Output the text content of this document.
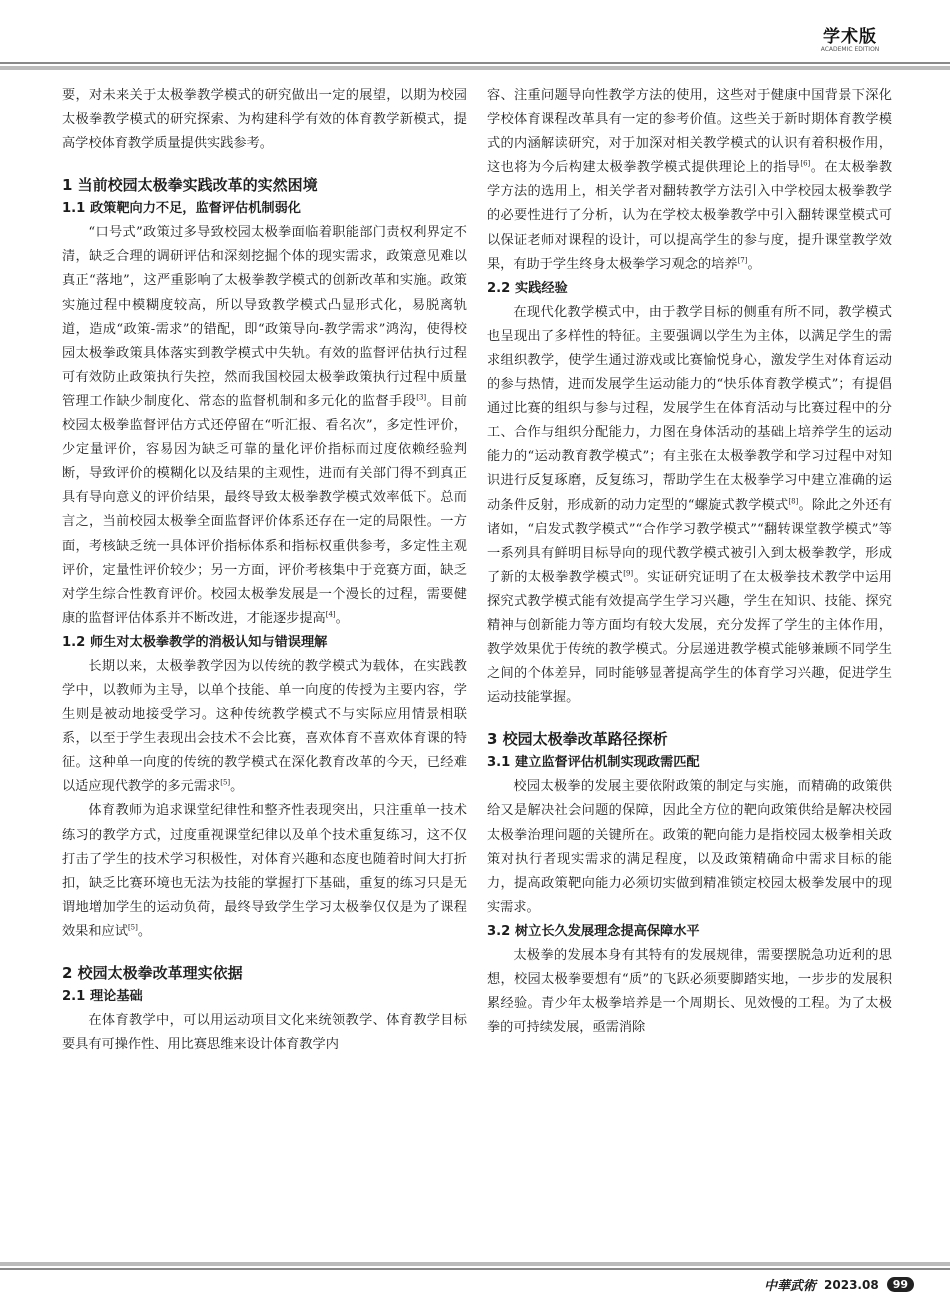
学术版
ACADEMIC EDITION

要，对未来关于太极拳教学模式的研究做出一定的展望，以期为校园太极拳教学模式的研究探索、为构建科学有效的体育教学新模式，提高学校体育教学质量提供实践参考。

1 当前校园太极拳实践改革的实然困境
1.1 政策靶向力不足，监督评估机制弱化

“口号式”政策过多导致校园太极拳面临着职能部门责权利界定不清，缺乏合理的调研评估和深刻挖掘个体的现实需求，政策意见难以真正“落地”，这严重影响了太极拳教学模式的创新改革和实施。政策实施过程中模糊度较高，所以导致教学模式凸显形式化，易脱离轨道，造成“政策-需求”的错配，即“政策导向-教学需求”鸿沟，使得校园太极拳政策具体落实到教学模式中失轨。有效的监督评估执行过程可有效防止政策执行失控，然而我国校园太极拳政策执行过程中质量管理工作缺少制度化、常态的监督机制和多元化的监督手段[3]。目前校园太极拳监督评估方式还停留在“听汇报、看名次”，多定性评价，少定量评价，容易因为缺乏可靠的量化评价指标而过度依赖经验判断，导致评价的模糊化以及结果的主观性，进而有关部门得不到真正具有导向意义的评价结果，最终导致太极拳教学模式效率低下。总而言之，当前校园太极拳全面监督评价体系还存在一定的局限性。一方面，考核缺乏统一具体评价指标体系和指标权重供参考，多定性主观评价，定量性评价较少；另一方面，评价考核集中于竞赛方面，缺乏对学生综合性教育评价。校园太极拳发展是一个漫长的过程，需要健康的监督评估体系并不断改进，才能逐步提高[4]。

1.2 师生对太极拳教学的消极认知与错误理解

长期以来，太极拳教学因为以传统的教学模式为载体，在实践教学中，以教师为主导，以单个技能、单一向度的传授为主要内容，学生则是被动地接受学习。这种传统教学模式不与实际应用情景相联系，以至于学生表现出会技术不会比赛，喜欢体育不喜欢体育课的特征。这种单一向度的传统的教学模式在深化教育改革的今天，已经难以适应现代教学的多元需求[5]。

体育教师为追求课堂纪律性和整齐性表现突出，只注重单一技术练习的教学方式，过度重视课堂纪律以及单个技术重复练习，这不仅打击了学生的技术学习积极性，对体育兴趣和态度也随着时间大打折扣，缺乏比赛环境也无法为技能的掌握打下基础，重复的练习只是无谓地增加学生的运动负荷，最终导致学生学习太极拳仅仅是为了课程效果和应试[5]。

2 校园太极拳改革理实依据
2.1 理论基础

在体育教学中，可以用运动项目文化来统领教学、体育教学目标要具有可操作性、用比赛思维来设计体育教学内

容、注重问题导向性教学方法的使用，这些对于健康中国背景下深化学校体育课程改革具有一定的参考价值。这些关于新时期体育教学模式的内涵解读研究，对于加深对相关教学模式的认识有着积极作用，这也将为今后构建太极拳教学模式提供理论上的指导[6]。在太极拳教学方法的选用上，相关学者对翻转教学方法引入中学校园太极拳教学的必要性进行了分析，认为在学校太极拳教学中引入翻转课堂模式可以保证老师对课程的设计，可以提高学生的参与度，提升课堂教学效果，有助于学生终身太极拳学习观念的培养[7]。

2.2 实践经验

在现代化教学模式中，由于教学目标的侧重有所不同，教学模式也呈现出了多样性的特征。主要强调以学生为主体，以满足学生的需求组织教学，使学生通过游戏或比赛愉悦身心，激发学生对体育运动的参与热情，进而发展学生运动能力的“快乐体育教学模式”；有提倡通过比赛的组织与参与过程，发展学生在体育活动与比赛过程中的分工、合作与组织分配能力，力图在身体活动的基础上培养学生的运动能力的“运动教育教学模式”；有主张在太极拳教学和学习过程中对知识进行反复琢磨，反复练习，帮助学生在太极拳学习中建立准确的运动条件反射，形成新的动力定型的“螺旋式教学模式[8]。除此之外还有诸如，“启发式教学模式”“合作学习教学模式”“翻转课堂教学模式”等一系列具有鲜明目标导向的现代教学模式被引入到太极拳教学，形成了新的太极拳教学模式[9]。实证研究证明了在太极拳技术教学中运用探究式教学模式能有效提高学生学习兴趣，学生在知识、技能、探究精神与创新能力等方面均有较大发展，充分发挥了学生的主体作用，教学效果优于传统的教学模式。分层递进教学模式能够兼顾不同学生之间的个体差异，同时能够显著提高学生的体育学习兴趣，促进学生运动技能掌握。

3 校园太极拳改革路径探析
3.1 建立监督评估机制实现政需匹配

校园太极拳的发展主要依附政策的制定与实施，而精确的政策供给又是解决社会问题的保障，因此全方位的靶向政策供给是解决校园太极拳治理问题的关键所在。政策的靶向能力是指校园太极拳相关政策对执行者现实需求的满足程度，以及政策精确命中需求目标的能力，提高政策靶向能力必须切实做到精准锁定校园太极拳发展中的现实需求。

3.2 树立长久发展理念提高保障水平

太极拳的发展本身有其特有的发展规律，需要摆脱急功近利的思想，校园太极拳要想有“质”的飞跃必须要脚踏实地，一步步的发展积累经验。青少年太极拳培养是一个周期长、见效慢的工程。为了太极拳的可持续发展，亟需消除

中華武術 2023.08	99
